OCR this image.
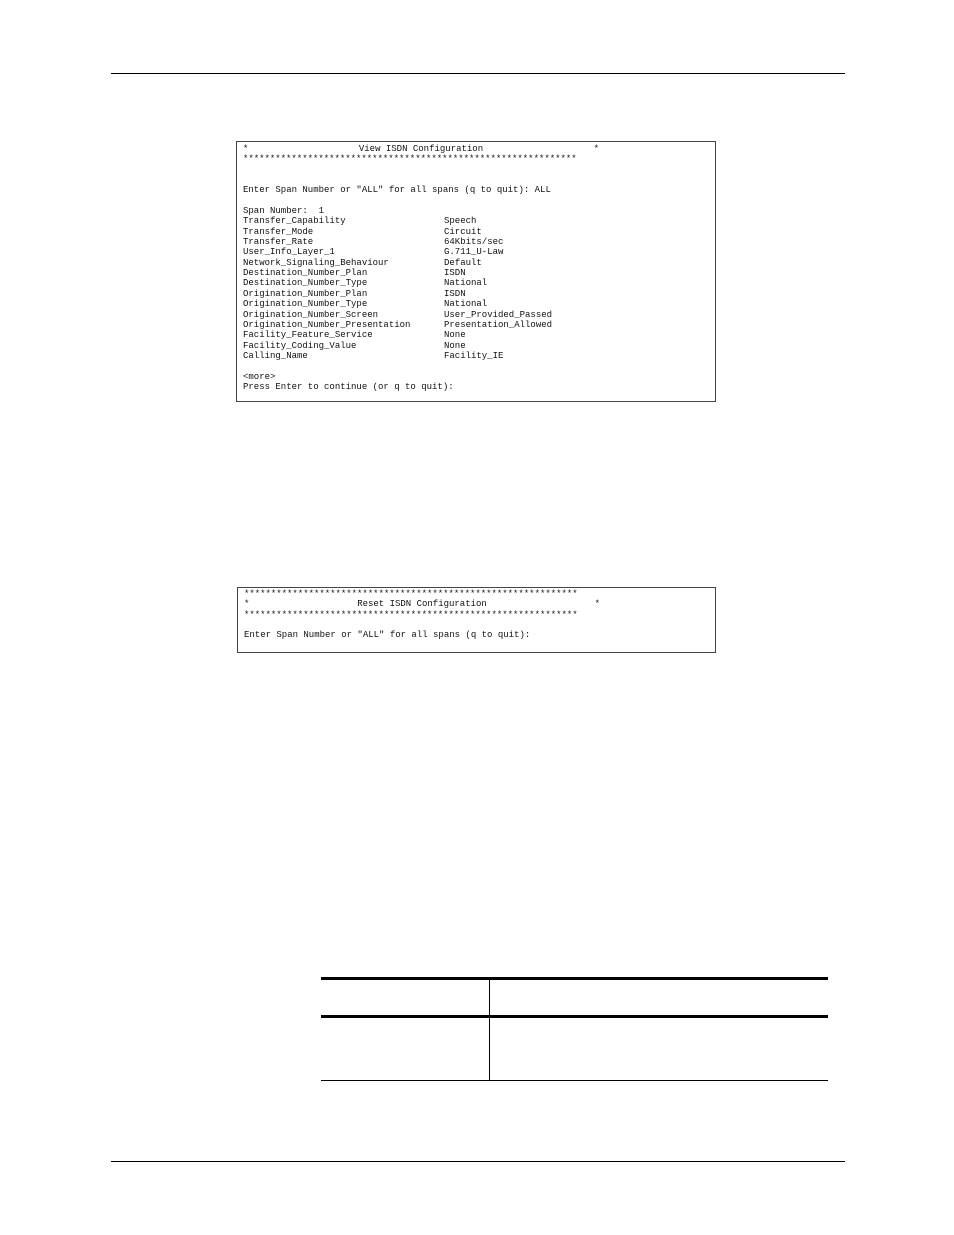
*	View ISDN Configuration	*
**************************************************************
Enter Span Number or "ALL" for all spans (q to quit): ALL
Span Number:  1
Transfer_Capability	Speech
Transfer_Mode	Circuit
Transfer_Rate	64Kbits/sec
User_Info_Layer_1	G.711_U-Law
Network_Signaling_Behaviour	Default
Destination_Number_Plan	ISDN
Destination_Number_Type	National
Origination_Number_Plan	ISDN
Origination_Number_Type	National
Origination_Number_Screen	User_Provided_Passed
Origination_Number_Presentation	Presentation_Allowed
Facility_Feature_Service	None
Facility_Coding_Value	None
Calling_Name	Facility_IE
<more>
Press Enter to continue (or q to quit):
**************************************************************
*	Reset ISDN Configuration	*
**************************************************************
Enter Span Number or "ALL" for all spans (q to quit):
